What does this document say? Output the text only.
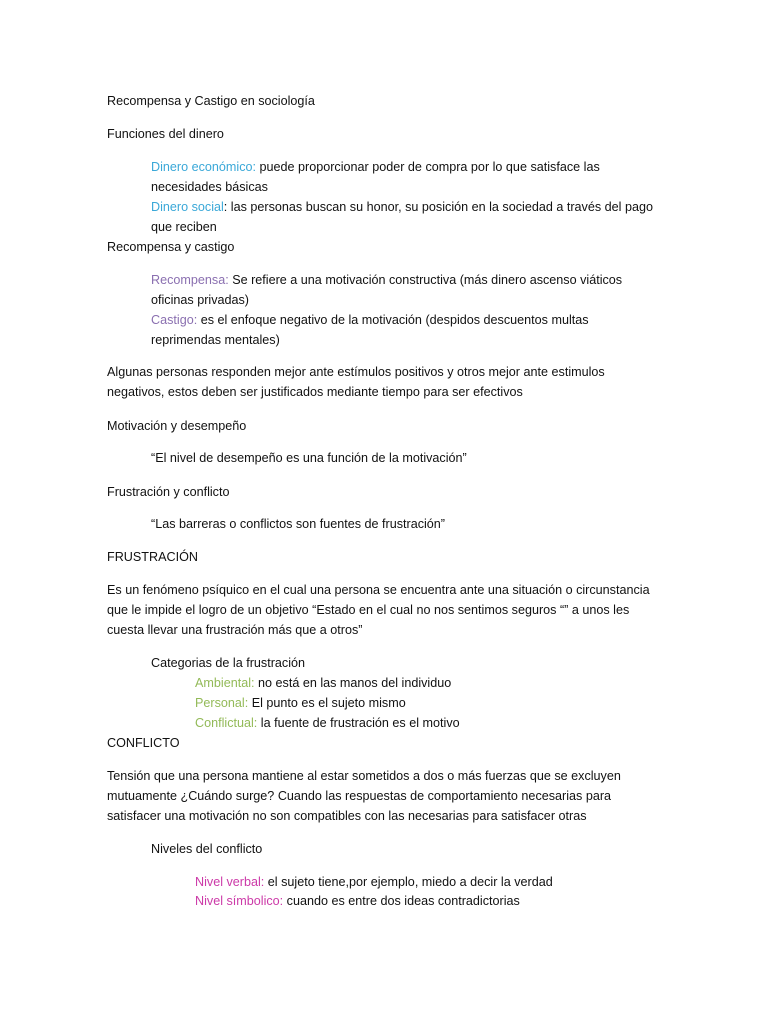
Recompensa y Castigo en sociología

Funciones del dinero

Dinero económico: puede proporcionar poder de compra por lo que satisface las

necesidades básicas

Dinero social: las personas buscan su honor, su posición en la sociedad a través del pago

que reciben

Recompensa y castigo

Recompensa: Se refiere a una motivación constructiva (más dinero ascenso viáticos

oficinas privadas)

Castigo: es el enfoque negativo de la motivación (despidos descuentos multas

reprimendas mentales)

Algunas personas responden mejor ante estímulos positivos y otros mejor ante estimulos

negativos, estos deben ser justificados mediante tiempo para ser efectivos

Motivación y desempeño

“El nivel de desempeño es una función de la motivación”

Frustración y conflicto

“Las barreras o conflictos son fuentes de frustración”

FRUSTRACIÓN

Es un fenómeno psíquico en el cual una persona se encuentra ante una situación o circunstancia

que le impide el logro de un objetivo “Estado en el cual no nos sentimos seguros “” a unos les

cuesta llevar una frustración más que a otros”

Categorias de la frustración

Ambiental: no está en las manos del individuo

Personal: El punto es el sujeto mismo

Conflictual: la fuente de frustración es el motivo

CONFLICTO

Tensión que una persona mantiene al estar sometidos a dos o más fuerzas que se excluyen

mutuamente ¿Cuándo surge? Cuando las respuestas de comportamiento necesarias para

satisfacer una motivación no son compatibles con las necesarias para satisfacer otras

Niveles del conflicto

Nivel verbal: el sujeto tiene,por ejemplo, miedo a decir la verdad

Nivel símbolico: cuando es entre dos ideas contradictorias
